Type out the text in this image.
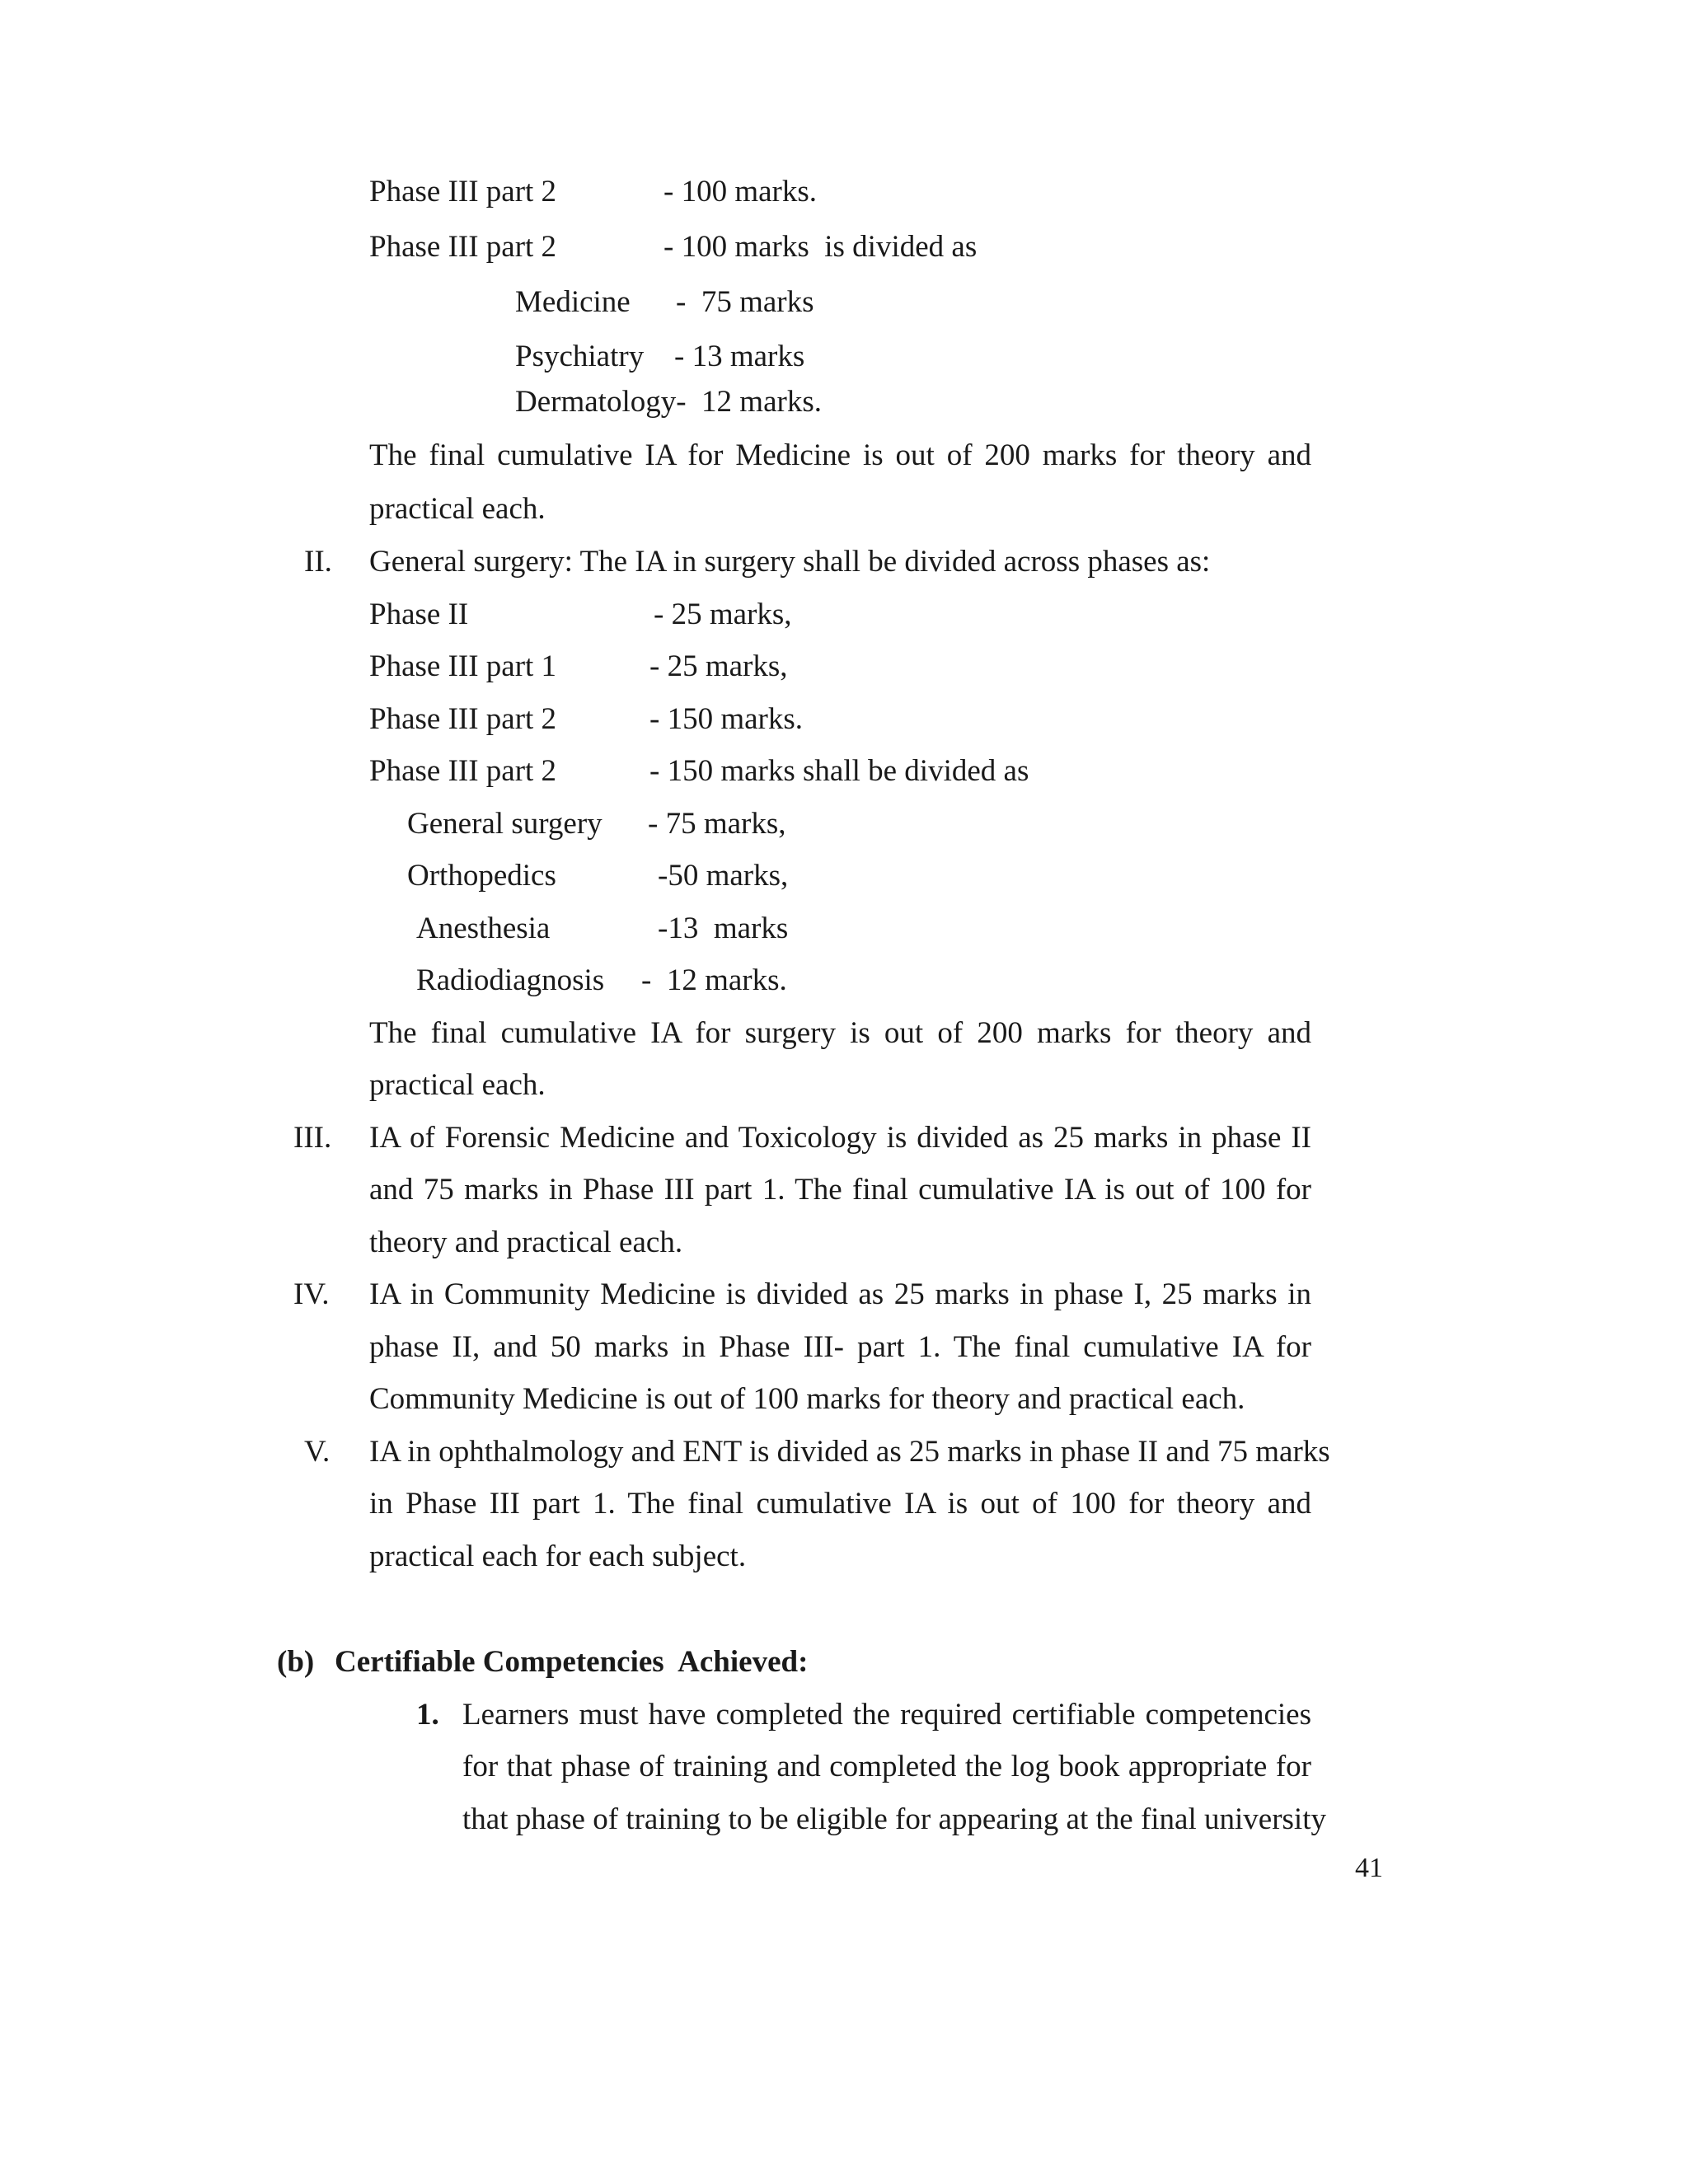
Phase III part 2	- 100 marks.
Phase III part 2	- 100 marks  is divided as
Medicine -  75 marks
Psychiatry - 13 marks
Dermatology-  12 marks.
The final cumulative IA for Medicine is out of 200 marks for theory and
practical each.
II. General surgery: The IA in surgery shall be divided across phases as:
Phase II	- 25 marks,
Phase III part 1	- 25 marks,
Phase III part 2	- 150 marks.
Phase III part 2	- 150 marks shall be divided as
General surgery - 75 marks,
Orthopedics	-50 marks,
Anesthesia	-13  marks
Radiodiagnosis -  12 marks.
The final cumulative IA for surgery is out of 200 marks for theory and
practical each.
III. IA of Forensic Medicine and Toxicology is divided as 25 marks in phase II
and 75 marks in Phase III part 1. The final cumulative IA is out of 100 for
theory and practical each.
IV. IA in Community Medicine is divided as 25 marks in phase I, 25 marks in
phase II, and 50 marks in Phase III- part 1. The final cumulative IA for
Community Medicine is out of 100 marks for theory and practical each.
V. IA in ophthalmology and ENT is divided as 25 marks in phase II and 75 marks
in Phase III part 1. The final cumulative IA is out of 100 for theory and
practical each for each subject.
(b) Certifiable Competencies  Achieved:
1. Learners must have completed the required certifiable competencies
for that phase of training and completed the log book appropriate for
that phase of training to be eligible for appearing at the final university
41
